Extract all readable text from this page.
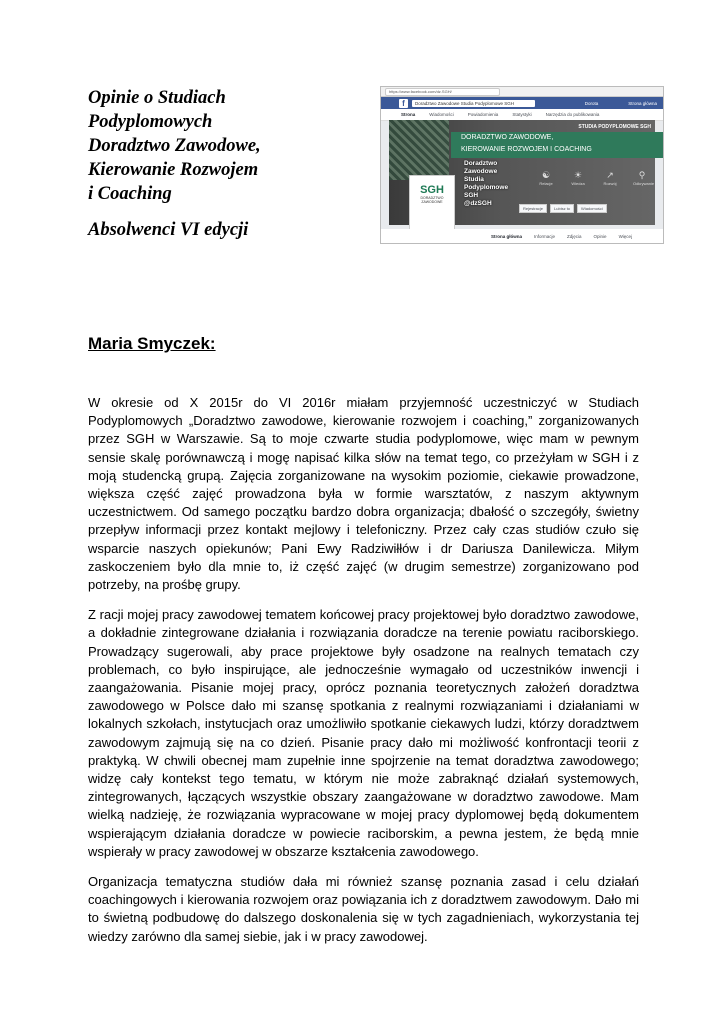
Opinie o Studiach
Podyplomowych
Doradztwo Zawodowe,
Kierowanie Rozwojem
i Coaching
Absolwenci VI edycji
https://www.facebook.com/dz.SGH/
f	Doradztwo Zawodowe Studia Podyplomowe SGH	Dorota	Strona główna
Strona	Wiadomości	Powiadomienia	Statystyki	Narzędzia do publikowania
STUDIA PODYPLOMOWE SGH
DORADZTWO ZAWODOWE,
KIEROWANIE ROZWOJEM I COACHING
Doradztwo
Zawodowe
Studia
Podyplomowe
SGH
@dzSGH
☯
Relacje
☀
Wiedza
↗
Rozwój
⚲
Odkrywanie
Rejestracje	Lubisz to	Wiadomości
SGH
DORADZTWO ZAWODOWE
Strona główna	Informacje	Zdjęcia	Opinie	Więcej
Maria Smyczek:

W okresie od X 2015r do VI 2016r miałam przyjemność uczestniczyć w Studiach Podyplomowych „Doradztwo zawodowe, kierowanie rozwojem i coaching,” zorganizowanych przez SGH w Warszawie. Są to moje czwarte studia podyplomowe, więc mam w pewnym sensie skalę porównawczą i mogę napisać kilka słów na temat tego, co przeżyłam w SGH i z moją studencką grupą. Zajęcia zorganizowane na wysokim poziomie, ciekawie prowadzone, większa część zajęć prowadzona była w formie warsztatów, z naszym aktywnym uczestnictwem. Od samego początku bardzo dobra organizacja; dbałość o szczegóły, świetny przepływ informacji przez kontakt mejlowy i telefoniczny. Przez cały czas studiów czuło się wsparcie naszych opiekunów; Pani Ewy Radziwiłłów i dr Dariusza Danilewicza. Miłym zaskoczeniem było dla mnie to, iż część zajęć (w drugim semestrze) zorganizowano pod potrzeby, na prośbę grupy.

Z racji mojej pracy zawodowej tematem końcowej pracy projektowej było doradztwo zawodowe, a dokładnie zintegrowane działania i rozwiązania doradcze na terenie powiatu raciborskiego. Prowadzący sugerowali, aby prace projektowe były osadzone na realnych tematach czy problemach, co było inspirujące, ale jednocześnie wymagało od uczestników inwencji i zaangażowania. Pisanie mojej pracy, oprócz poznania teoretycznych założeń doradztwa zawodowego w Polsce dało mi szansę spotkania z realnymi rozwiązaniami i działaniami w lokalnych szkołach, instytucjach oraz umożliwiło spotkanie ciekawych ludzi, którzy doradztwem zawodowym zajmują się na co dzień. Pisanie pracy dało mi możliwość konfrontacji teorii z praktyką. W chwili obecnej mam zupełnie inne spojrzenie na temat doradztwa zawodowego; widzę cały kontekst tego tematu, w którym nie może zabraknąć działań systemowych, zintegrowanych, łączących wszystkie obszary zaangażowane w doradztwo zawodowe. Mam wielką nadzieję, że rozwiązania wypracowane w mojej pracy dyplomowej będą dokumentem wspierającym działania doradcze w powiecie raciborskim, a pewna jestem, że będą mnie wspierały w pracy zawodowej w obszarze kształcenia zawodowego.

Organizacja tematyczna studiów dała mi również szansę poznania zasad i celu działań coachingowych i kierowania rozwojem oraz powiązania ich z doradztwem zawodowym. Dało mi to świetną podbudowę do dalszego doskonalenia się w tych zagadnieniach, wykorzystania tej wiedzy zarówno dla samej siebie, jak i w pracy zawodowej.
